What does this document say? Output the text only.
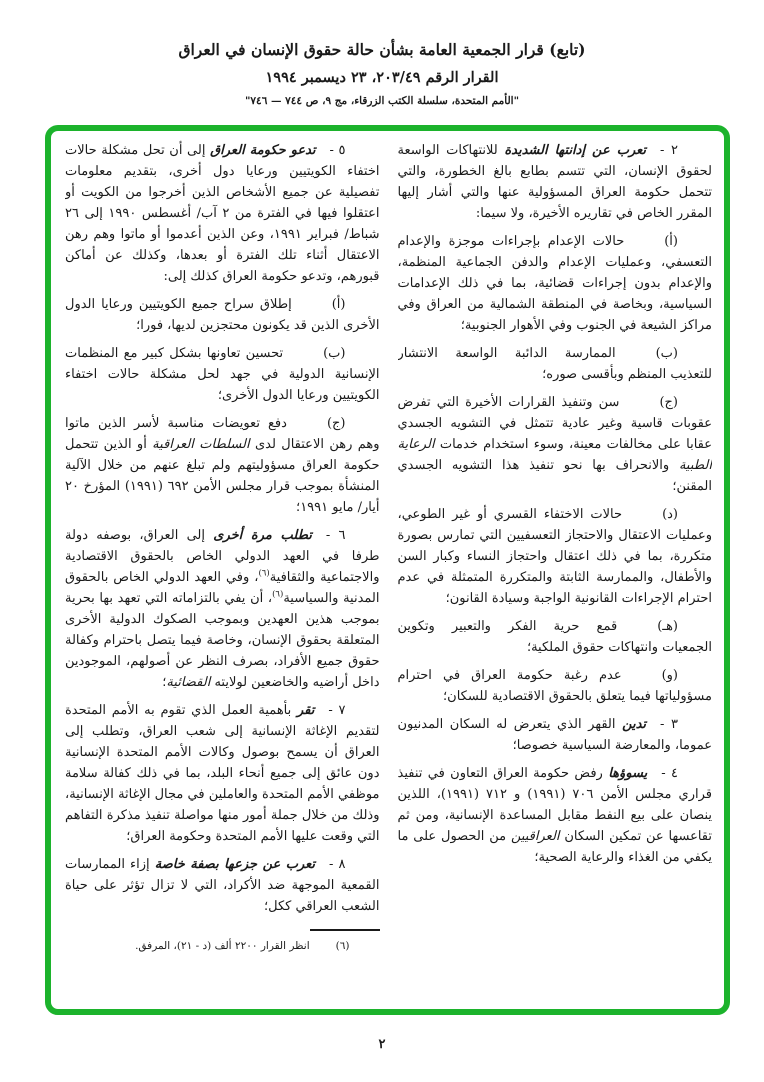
(تابع) قرار الجمعية العامة بشأن حالة حقوق الإنسان في العراق
القرار الرقم ٢٠٣/٤٩، ٢٣ ديسمبر ١٩٩٤
"الأمم المتحدة، سلسلة الكتب الزرقاء، مج ٩، ص ٧٤٤ — ٧٤٦"

٢ -تعرب عن إدانتها الشديدة للانتهاكات الواسعة لحقوق الإنسان، التي تتسم بطابع بالغ الخطورة، والتي تتحمل حكومة العراق المسؤولية عنها والتي أشار إليها المقرر الخاص في تقاريره الأخيرة، ولا سيما:

(أ)حالات الإعدام بإجراءات موجزة والإعدام التعسفي، وعمليات الإعدام والدفن الجماعية المنظمة، والإعدام بدون إجراءات قضائية، بما في ذلك الإعدامات السياسية، وبخاصة في المنطقة الشمالية من العراق وفي مراكز الشيعة في الجنوب وفي الأهوار الجنوبية؛

(ب)الممارسة الدائبة الواسعة الانتشار للتعذيب المنظم وبأقسى صوره؛

(ج)سن وتنفيذ القرارات الأخيرة التي تفرض عقوبات قاسية وغير عادية تتمثل في التشويه الجسدي عقابا على مخالفات معينة، وسوء استخدام خدمات الرعاية الطبية والانحراف بها نحو تنفيذ هذا التشويه الجسدي المقنن؛

(د)حالات الاختفاء القسري أو غير الطوعي، وعمليات الاعتقال والاحتجاز التعسفيين التي تمارس بصورة متكررة، بما في ذلك اعتقال واحتجاز النساء وكبار السن والأطفال، والممارسة الثابتة والمتكررة المتمثلة في عدم احترام الإجراءات القانونية الواجبة وسيادة القانون؛

(هـ)قمع حرية الفكر والتعبير وتكوين الجمعيات وانتهاكات حقوق الملكية؛

(و)عدم رغبة حكومة العراق في احترام مسؤولياتها فيما يتعلق بالحقوق الاقتصادية للسكان؛

٣ -تدين القهر الذي يتعرض له السكان المدنيون عموما، والمعارضة السياسية خصوصا؛

٤ -يسوؤها رفض حكومة العراق التعاون في تنفيذ قراري مجلس الأمن ٧٠٦ (١٩٩١) و ٧١٢ (١٩٩١)، اللذين ينصان على بيع النفط مقابل المساعدة الإنسانية، ومن ثم تقاعسها عن تمكين السكان العراقيين من الحصول على ما يكفي من الغذاء والرعاية الصحية؛

٥ -تدعو حكومة العراق إلى أن تحل مشكلة حالات اختفاء الكويتيين ورعايا دول أخرى، بتقديم معلومات تفصيلية عن جميع الأشخاص الذين أخرجوا من الكويت أو اعتقلوا فيها في الفترة من ٢ آب/ أغسطس ١٩٩٠ إلى ٢٦ شباط/ فبراير ١٩٩١، وعن الذين أعدموا أو ماتوا وهم رهن الاعتقال أثناء تلك الفترة أو بعدها، وكذلك عن أماكن قبورهم، وتدعو حكومة العراق كذلك إلى:

(أ)إطلاق سراح جميع الكويتيين ورعايا الدول الأخرى الذين قد يكونون محتجزين لديها، فورا؛

(ب)تحسين تعاونها بشكل كبير مع المنظمات الإنسانية الدولية في جهد لحل مشكلة حالات اختفاء الكويتيين ورعايا الدول الأخرى؛

(ج)دفع تعويضات مناسبة لأسر الذين ماتوا وهم رهن الاعتقال لدى السلطات العراقية أو الذين تتحمل حكومة العراق مسؤوليتهم ولم تبلغ عنهم من خلال الآلية المنشأة بموجب قرار مجلس الأمن ٦٩٢ (١٩٩١) المؤرخ ٢٠ أيار/ مايو ١٩٩١؛

٦ -تطلب مرة أخرى إلى العراق، بوصفه دولة طرفا في العهد الدولي الخاص بالحقوق الاقتصادية والاجتماعية والثقافية$^{(٦)}$، وفي العهد الدولي الخاص بالحقوق المدنية والسياسية$^{(٦)}$، أن يفي بالتزاماته التي تعهد بها بحرية بموجب هذين العهدين وبموجب الصكوك الدولية الأخرى المتعلقة بحقوق الإنسان، وخاصة فيما يتصل باحترام وكفالة حقوق جميع الأفراد، بصرف النظر عن أصولهم، الموجودين داخل أراضيه والخاضعين لولايته القضائية؛

٧ -تقر بأهمية العمل الذي تقوم به الأمم المتحدة لتقديم الإغاثة الإنسانية إلى شعب العراق، وتطلب إلى العراق أن يسمح بوصول وكالات الأمم المتحدة الإنسانية دون عائق إلى جميع أنحاء البلد، بما في ذلك كفالة سلامة موظفي الأمم المتحدة والعاملين في مجال الإغاثة الإنسانية، وذلك من خلال جملة أمور منها مواصلة تنفيذ مذكرة التفاهم التي وقعت عليها الأمم المتحدة وحكومة العراق؛

٨ -تعرب عن جزعها بصفة خاصة إزاء الممارسات القمعية الموجهة ضد الأكراد، التي لا تزال تؤثر على حياة الشعب العراقي ككل؛

(٦)انظر القرار ٢٢٠٠ ألف (د - ٢١)، المرفق.
٢
